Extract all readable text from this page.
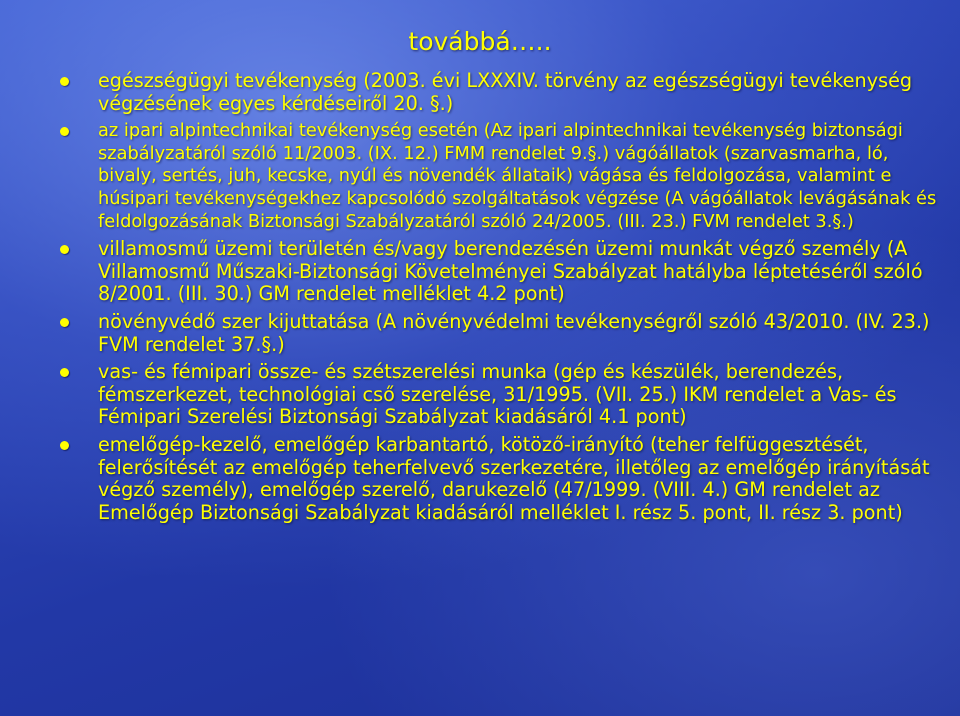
továbbá…..
egészségügyi tevékenység (2003. évi LXXXIV. törvény az egészségügyi tevékenység végzésének egyes kérdéseiről 20. §.)
az ipari alpintechnikai tevékenység esetén (Az ipari alpintechnikai tevékenység biztonsági szabályzatáról szóló 11/2003. (IX. 12.) FMM rendelet 9.§.) vágóállatok (szarvasmarha, ló, bivaly, sertés, juh, kecske, nyúl és növendék állataik) vágása és feldolgozása, valamint e húsipari tevékenységekhez kapcsolódó szolgáltatások végzése (A vágóállatok levágásának és feldolgozásának Biztonsági Szabályzatáról szóló 24/2005. (III. 23.) FVM rendelet 3.§.)
villamosmű üzemi területén és/vagy berendezésén üzemi munkát végző személy (A Villamosmű Műszaki-Biztonsági Követelményei Szabályzat hatályba léptetéséről szóló 8/2001. (III. 30.) GM rendelet melléklet 4.2 pont)
növényvédő szer kijuttatása (A növényvédelmi tevékenységről szóló 43/2010. (IV. 23.) FVM rendelet 37.§.)
vas- és fémipari össze- és szétszerelési munka (gép és készülék, berendezés, fémszerkezet, technológiai cső szerelése, 31/1995. (VII. 25.) IKM rendelet a Vas- és Fémipari Szerelési Biztonsági Szabályzat kiadásáról 4.1 pont)
emelőgép-kezelő, emelőgép karbantartó, kötöző-irányító (teher felfüggesztését, felerősítését az emelőgép teherfelvevő szerkezetére, illetőleg az emelőgép irányítását végző személy), emelőgép szerelő, darukezelő (47/1999. (VIII. 4.) GM rendelet az Emelőgép Biztonsági Szabályzat kiadásáról melléklet I. rész 5. pont, II. rész 3. pont)
